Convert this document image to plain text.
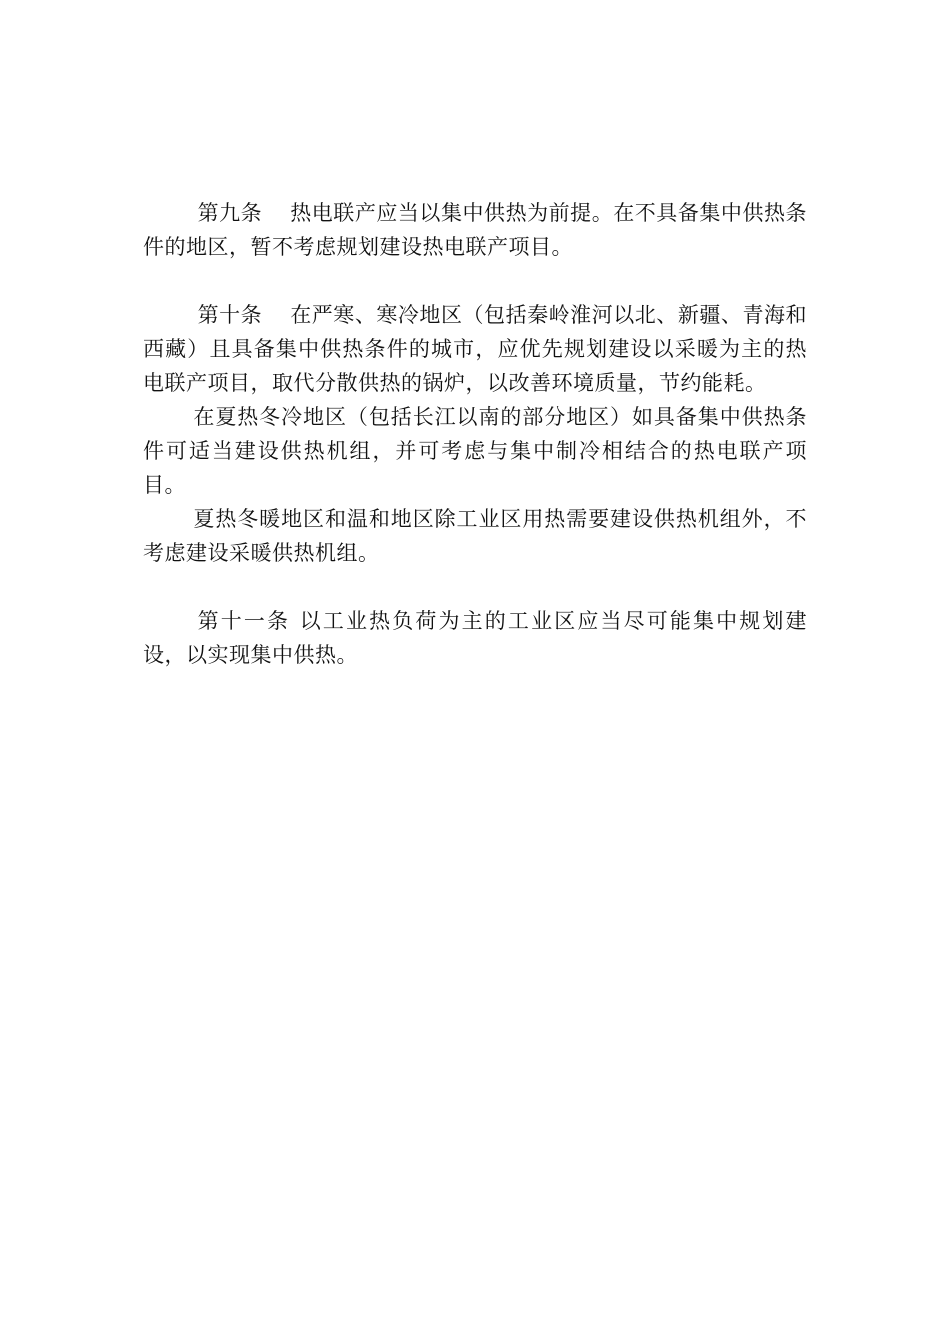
第九条 热电联产应当以集中供热为前提。在不具备集中供热条件的地区，暂不考虑规划建设热电联产项目。

第十条 在严寒、寒冷地区（包括秦岭淮河以北、新疆、青海和西藏）且具备集中供热条件的城市，应优先规划建设以采暖为主的热电联产项目，取代分散供热的锅炉，以改善环境质量，节约能耗。

在夏热冬冷地区（包括长江以南的部分地区）如具备集中供热条件可适当建设供热机组，并可考虑与集中制冷相结合的热电联产项目。

夏热冬暖地区和温和地区除工业区用热需要建设供热机组外，不考虑建设采暖供热机组。

第十一条 以工业热负荷为主的工业区应当尽可能集中规划建设，以实现集中供热。
